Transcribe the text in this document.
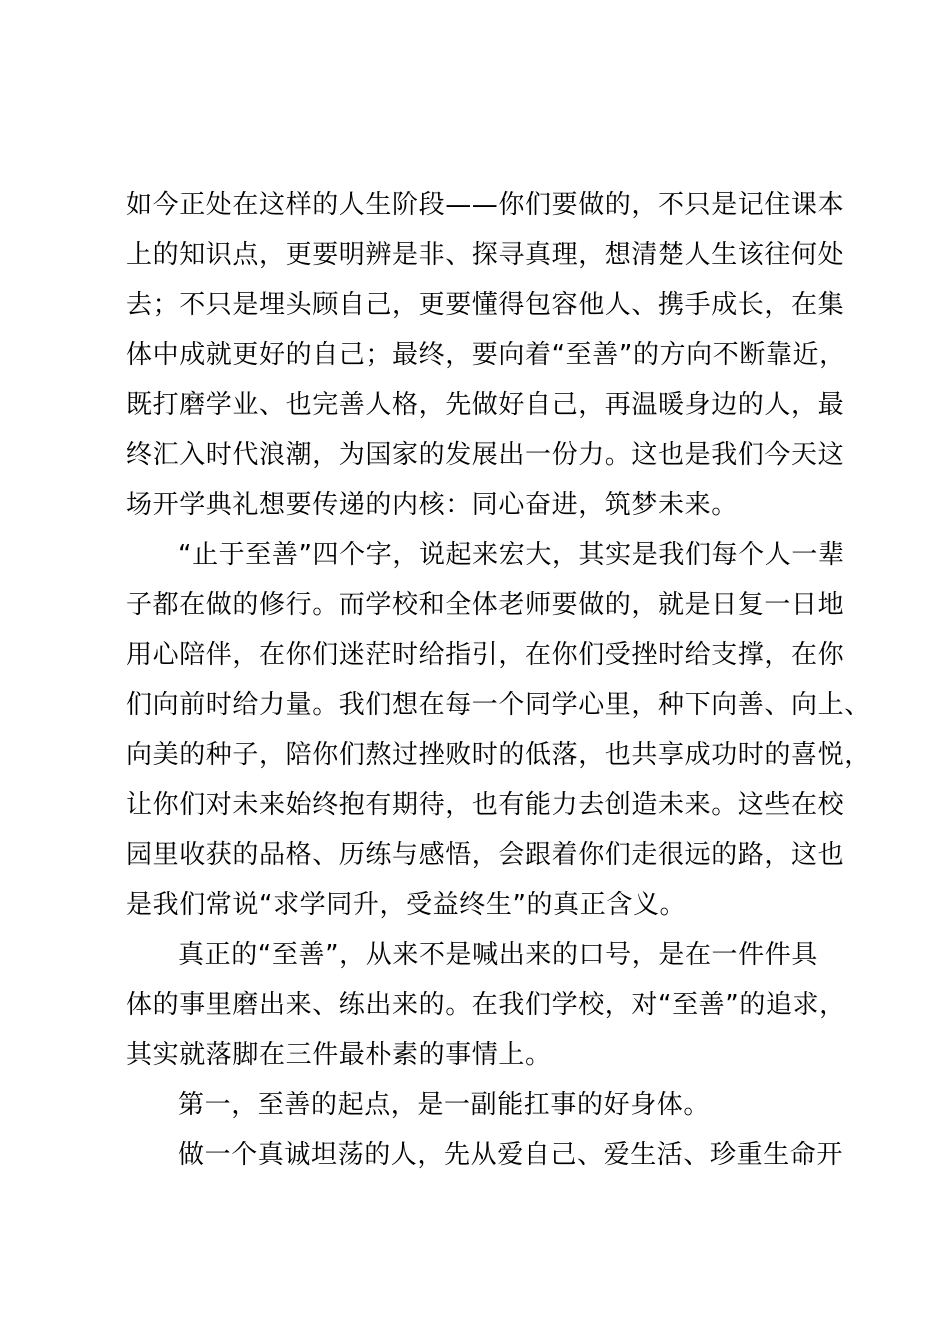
如今正处在这样的人生阶段——你们要做的，不只是记住课本
上的知识点，更要明辨是非、探寻真理，想清楚人生该往何处
去；不只是埋头顾自己，更要懂得包容他人、携手成长，在集
体中成就更好的自己；最终，要向着“至善”的方向不断靠近，
既打磨学业、也完善人格，先做好自己，再温暖身边的人，最
终汇入时代浪潮，为国家的发展出一份力。这也是我们今天这
场开学典礼想要传递的内核：同心奋进，筑梦未来。
“止于至善”四个字，说起来宏大，其实是我们每个人一辈
子都在做的修行。而学校和全体老师要做的，就是日复一日地
用心陪伴，在你们迷茫时给指引，在你们受挫时给支撑，在你
们向前时给力量。我们想在每一个同学心里，种下向善、向上、
向美的种子，陪你们熬过挫败时的低落，也共享成功时的喜悦，
让你们对未来始终抱有期待，也有能力去创造未来。这些在校
园里收获的品格、历练与感悟，会跟着你们走很远的路，这也
是我们常说“求学同升，受益终生”的真正含义。
真正的“至善”，从来不是喊出来的口号，是在一件件具
体的事里磨出来、练出来的。在我们学校，对“至善”的追求，
其实就落脚在三件最朴素的事情上。
第一，至善的起点，是一副能扛事的好身体。
做一个真诚坦荡的人，先从爱自己、爱生活、珍重生命开
